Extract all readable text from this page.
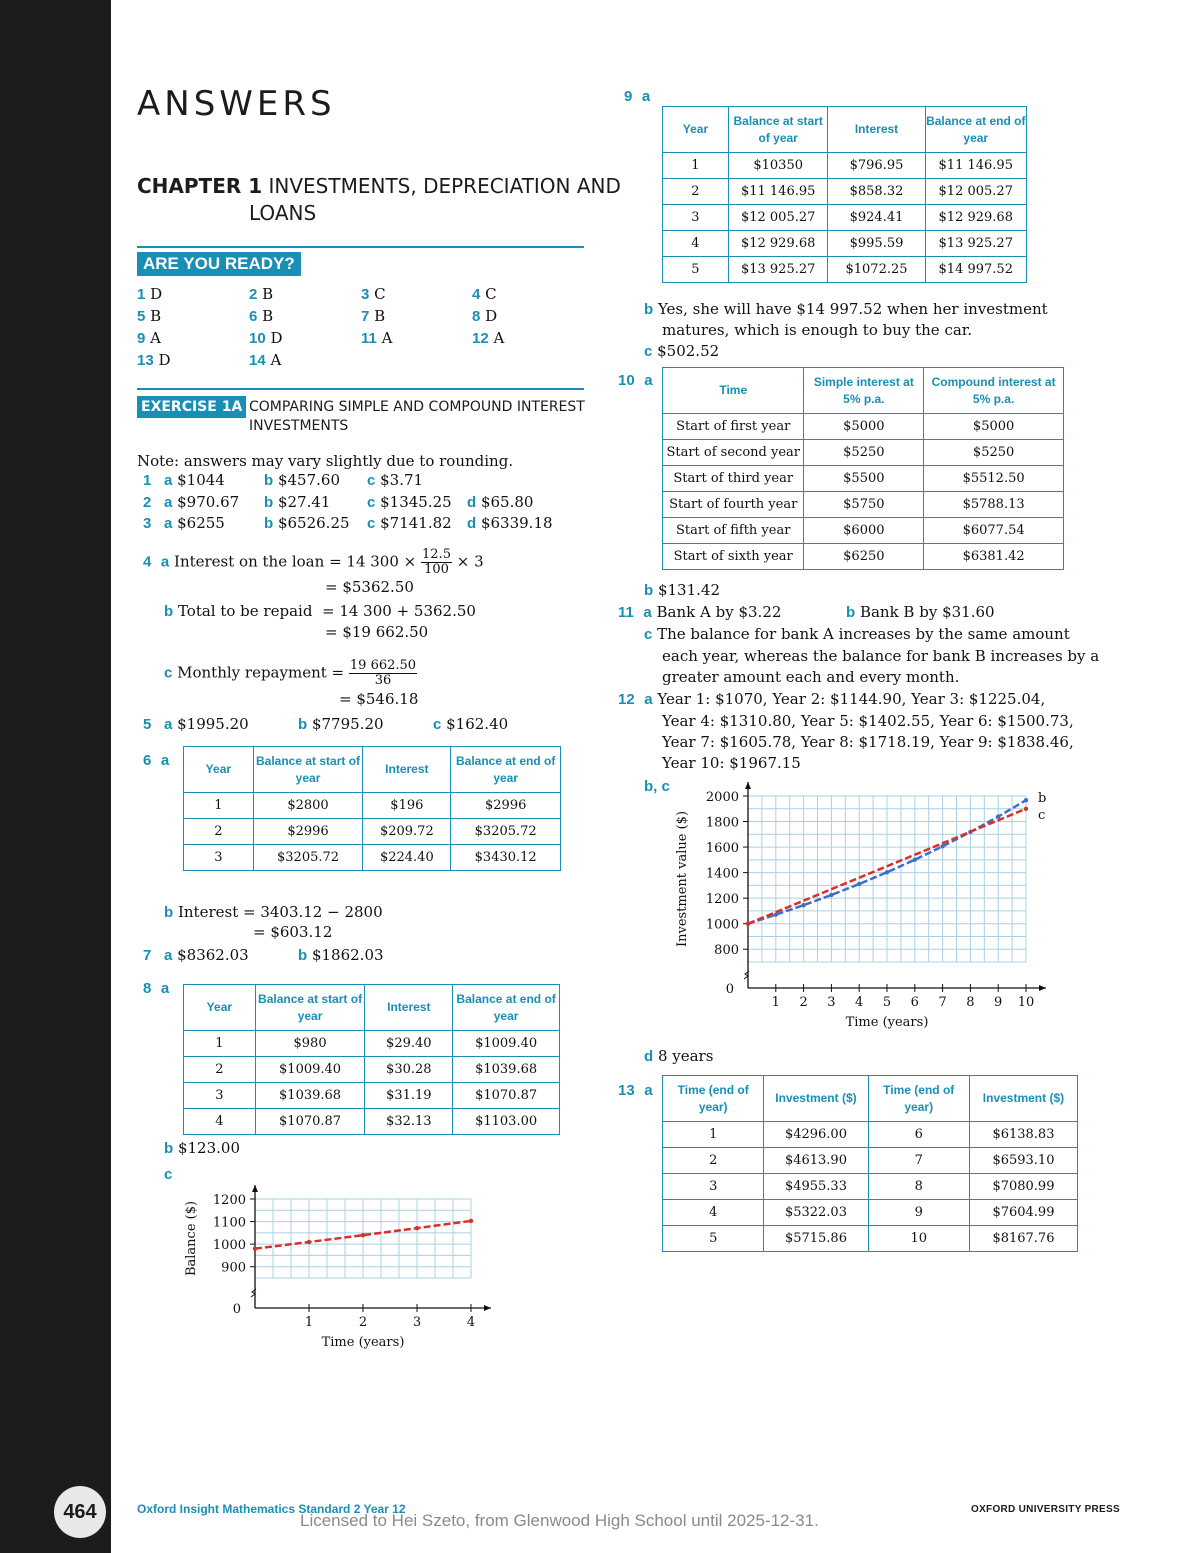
ANSWERS
CHAPTER 1 INVESTMENTS, DEPRECIATION AND
LOANS
ARE YOU READY?
1 D	2 B	3 C	4 C
5 B	6 B	7 B	8 D
9 A	10 D	11 A	12 A
13 D	14 A
EXERCISE 1A COMPARING SIMPLE AND COMPOUND INTEREST
INVESTMENTS
Note: answers may vary slightly due to rounding.
1 a $1044	b $457.60 c $3.71
2 a $970.67 b $27.41 c $1345.25 d $65.80
3 a $6255	b $6526.25 c $7141.82 d $6339.18
4 a Interest on the loan = 14 $300 \times \frac{12.5}{100} \times 3$
= $5362.50
b Total to be repaid = 14 300 + 5362.50
= $19 662.50
c Monthly repayment = $\frac{19 662.50}{36}$
= $546.18
5 a $1995.20	b $7795.20	c $162.40
6 a	Year	Balance at start of year	Interest	Balance at end of year
1	$2800	$196	$2996
2	$2996	$209.72	$3205.72
3	$3205.72	$224.40	$3430.12
b Interest = 3403.12 − 2800
= $603.12
7 a $8362.03	b $1862.03
8 a
Year	Balance at start of year	Interest	Balance at end of year
1	$980	$29.40	$1009.40
2	$1009.40	$30.28	$1039.68
3	$1039.68	$31.19	$1070.87
4	$1070.87	$32.13	$1103.00
b $123.00
c
1	2	3	4
900
1000
1100
1200
0
Time (years)
Balance ($)
9 a
Year	Balance at start of year	Interest	Balance at end of year
1	$10350	$796.95	$11 146.95
2	$11 146.95	$858.32	$12 005.27
3	$12 005.27	$924.41	$12 929.68
4	$12 929.68	$995.59	$13 925.27
5	$13 925.27	$1072.25	$14 997.52
b Yes, she will have $14 997.52 when her investment
matures, which is enough to buy the car.
c $502.52
10 a
Time	Simple interest at 5% p.a.	Compound interest at 5% p.a.
Start of first year	$5000	$5000
Start of second year	$5250	$5250
Start of third year	$5500	$5512.50
Start of fourth year	$5750	$5788.13
Start of fifth year	$6000	$6077.54
Start of sixth year	$6250	$6381.42
b $131.42
11 a Bank A by $3.22	b Bank B by $31.60
c The balance for bank A increases by the same amount
each year, whereas the balance for bank B increases by a
greater amount each and every month.
12 a Year 1: $1070, Year 2: $1144.90, Year 3: $1225.04,
Year 4: $1310.80, Year 5: $1402.55, Year 6: $1500.73,
Year 7: $1605.78, Year 8: $1718.19, Year 9: $1838.46,
Year 10: $1967.15
b, c
1 2 3 4 5 6 7 8 9 10
800
1000
1200
1400
1600
1800
2000
0
Time (years)
Investment value ($)
b
c
d 8 years
13 a Time (end of year)	Investment ($)	Time (end of year)	Investment ($)
1	$4296.00	6	$6138.83
2	$4613.90	7	$6593.10
3	$4955.33	8	$7080.99
4	$5322.03	9	$7604.99
5	$5715.86	10	$8167.76
464	Oxford Insight Mathematics Standard 2 Year 12
Licensed to Hei Szeto, from Glenwood High School until 2025-12-31.
OXFORD UNIVERSITY PRESS
